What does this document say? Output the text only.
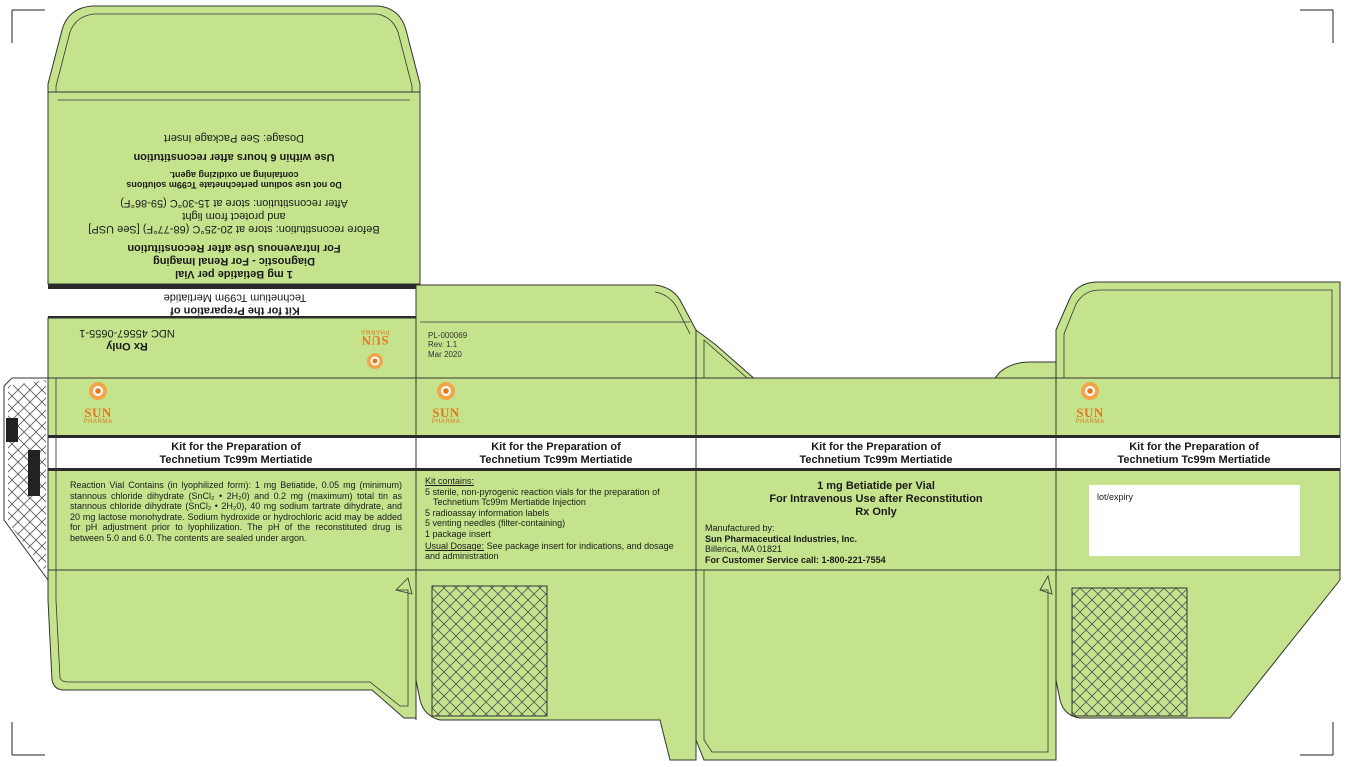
1 mg Betiatide per Vial
Diagnostic - For Renal Imaging
For Intravenous Use after Reconstitution
Before reconstitution: store at 20-25°C (68-77°F) [See USP]
and protect from light
After reconstitution: store at 15-30°C (59-86°F)
Do not use sodium pertechnetate Tc99m solutions
containing an oxidizing agent.
Use within 6 hours after reconstitution
Dosage: See Package Insert
Kit for the Preparation of
Technetium Tc99m Mertiatide
Rx Only
NDC 45567-0655-1
SUN
PHARMA	PL-000069
Rev. 1.1
Mar 2020
SUN
PHARMA
SUN
PHARMA
SUN
PHARMA
Kit for the Preparation of
Technetium Tc99m Mertiatide
Kit for the Preparation of
Technetium Tc99m Mertiatide
Kit for the Preparation of
Technetium Tc99m Mertiatide
Kit for the Preparation of
Technetium Tc99m Mertiatide
Reaction Vial Contains (in lyophilized form): 1 mg Betiatide, 0.05 mg (minimum) stannous chloride dihydrate (SnCl₂ • 2H₂0) and 0.2 mg (maximum) total tin as stannous chloride dihydrate (SnCl₂ • 2H₂0), 40 mg sodium tartrate dihydrate, and 20 mg lactose monohydrate. Sodium hydroxide or hydrochloric acid may be added for pH adjustment prior to lyophilization. The pH of the reconstituted drug is between 5.0 and 6.0. The contents are sealed under argon.
Kit contains:
5 sterile, non-pyrogenic reaction vials for the preparation of
Technetium Tc99m Mertiatide Injection
5 radioassay information labels
5 venting needles (filter-containing)
1 package insert
Usual Dosage: See package insert for indications, and dosage and administration
1 mg Betiatide per Vial
For Intravenous Use after Reconstitution
Rx Only
Manufactured by:
Sun Pharmaceutical Industries, Inc.
Billerica, MA 01821
For Customer Service call: 1-800-221-7554
lot/expiry
